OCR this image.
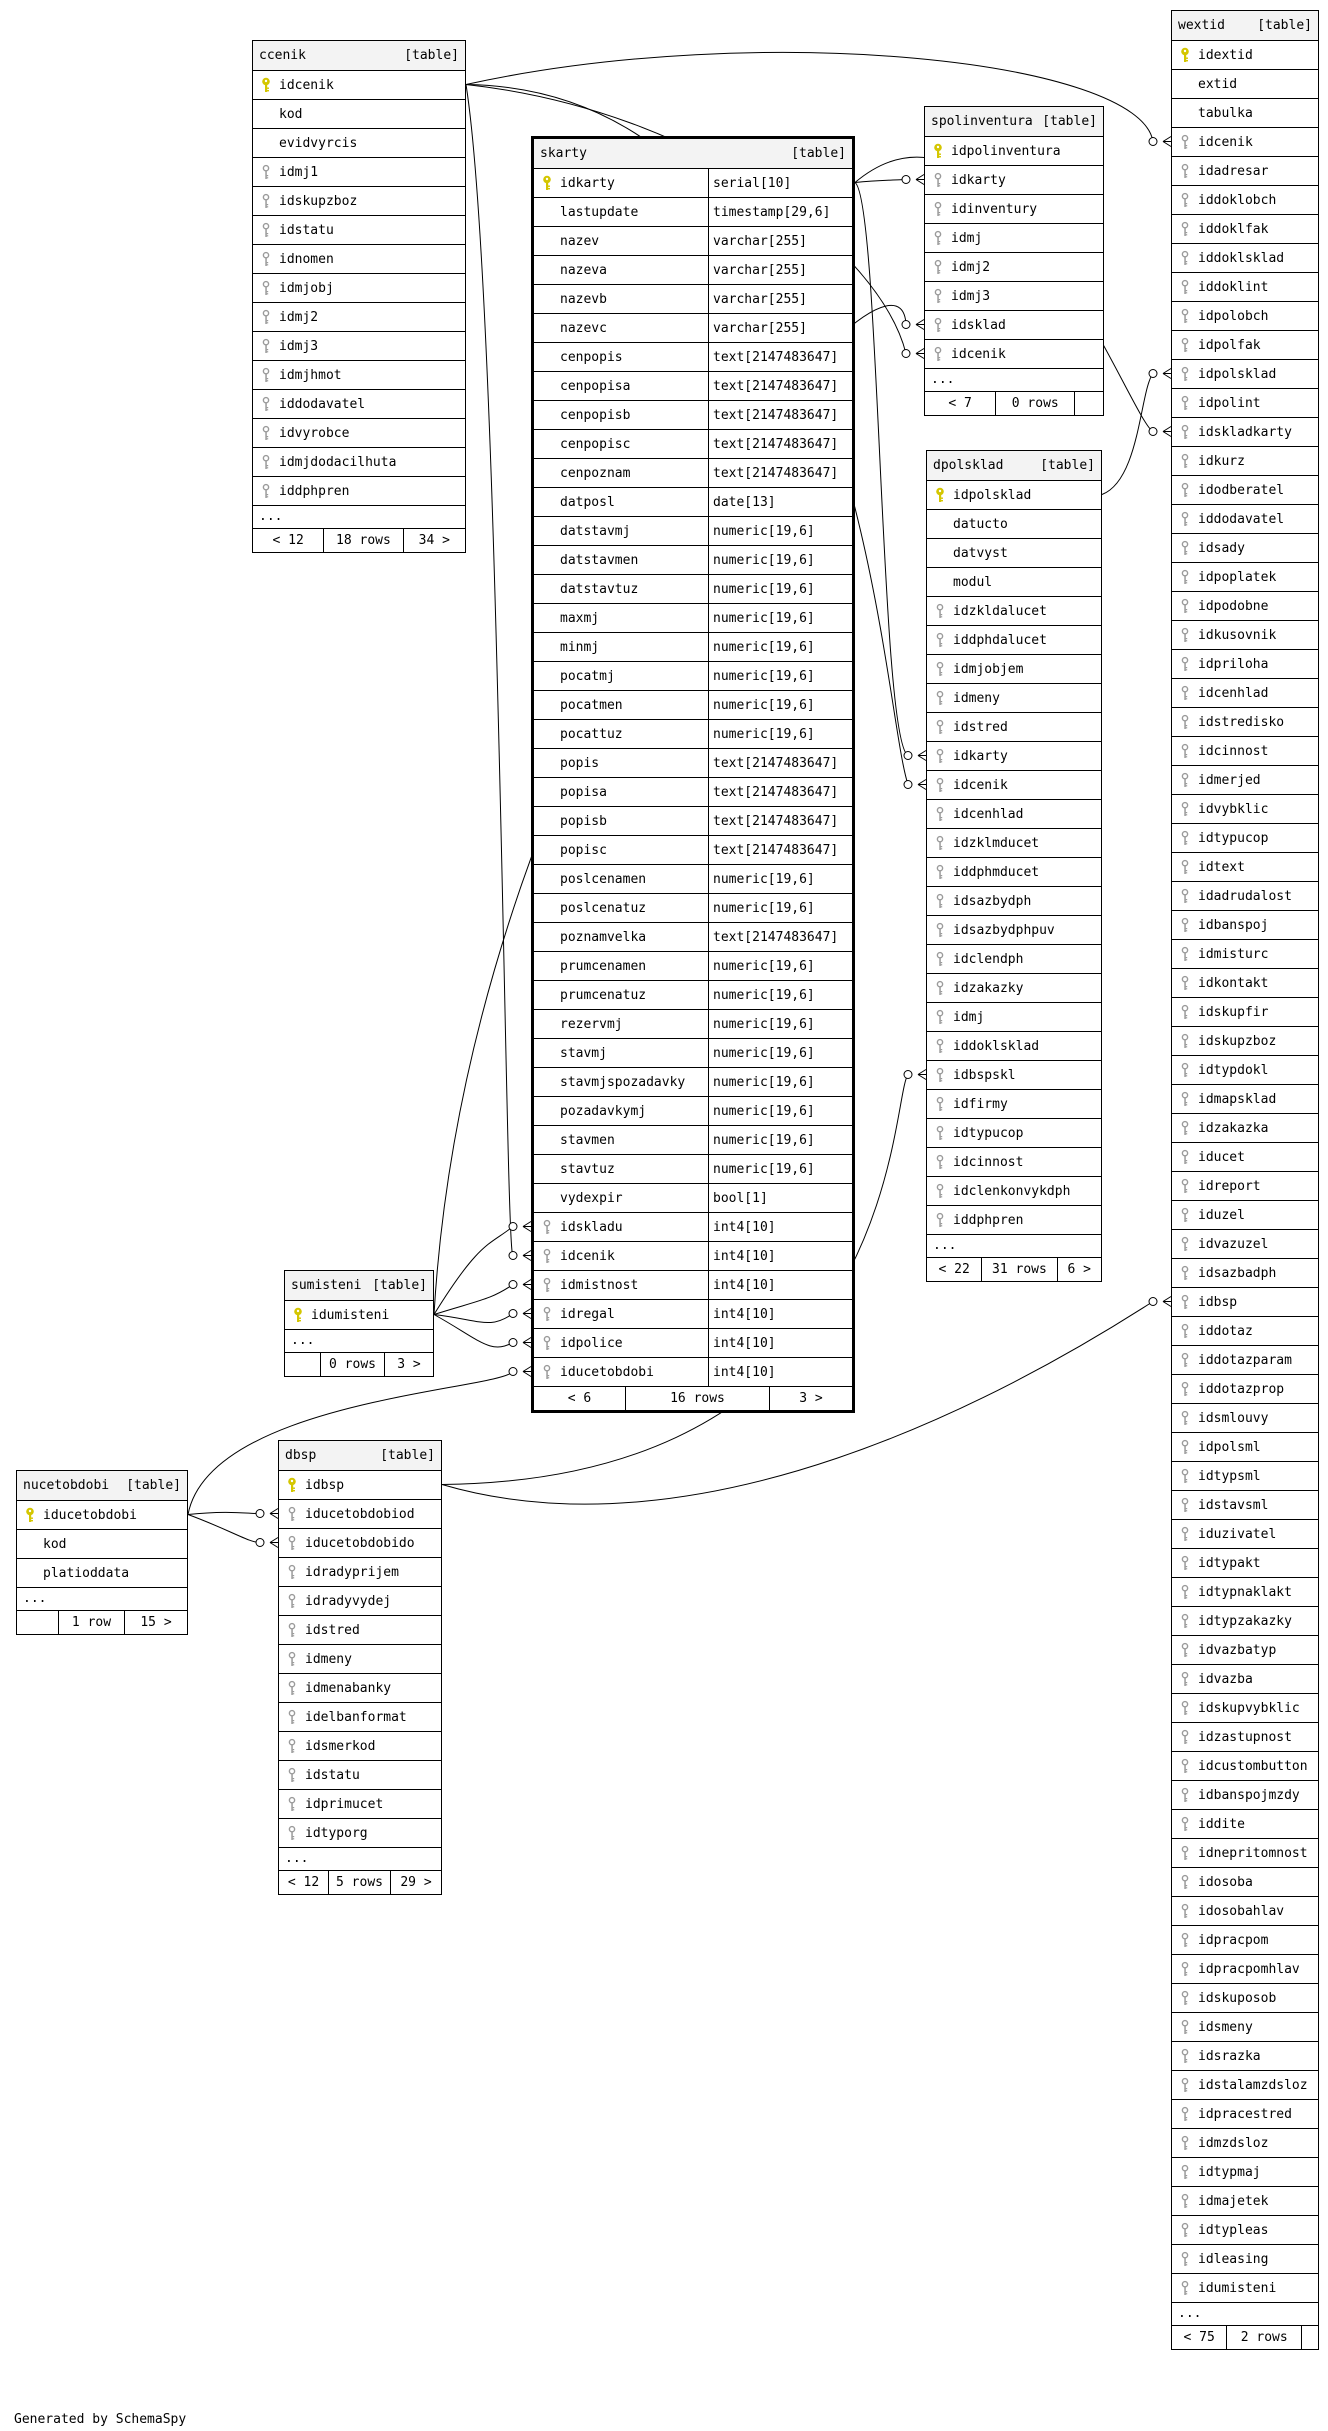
ccenik	[table]
idcenik
kod
evidvyrcis
idmj1
idskupzboz
idstatu
idnomen
idmjobj
idmj2
idmj3
idmjhmot
iddodavatel
idvyrobce
idmjdodacilhuta
iddphpren
...
< 12	18 rows	34 >
skarty	[table]
idkarty	serial[10]
lastupdate	timestamp[29,6]
nazev	varchar[255]
nazeva	varchar[255]
nazevb	varchar[255]
nazevc	varchar[255]
cenpopis	text[2147483647]
cenpopisa	text[2147483647]
cenpopisb	text[2147483647]
cenpopisc	text[2147483647]
cenpoznam	text[2147483647]
datposl	date[13]
datstavmj	numeric[19,6]
datstavmen	numeric[19,6]
datstavtuz	numeric[19,6]
maxmj	numeric[19,6]
minmj	numeric[19,6]
pocatmj	numeric[19,6]
pocatmen	numeric[19,6]
pocattuz	numeric[19,6]
popis	text[2147483647]
popisa	text[2147483647]
popisb	text[2147483647]
popisc	text[2147483647]
poslcenamen	numeric[19,6]
poslcenatuz	numeric[19,6]
poznamvelka	text[2147483647]
prumcenamen	numeric[19,6]
prumcenatuz	numeric[19,6]
rezervmj	numeric[19,6]
stavmj	numeric[19,6]
stavmjspozadavky	numeric[19,6]
pozadavkymj	numeric[19,6]
stavmen	numeric[19,6]
stavtuz	numeric[19,6]
vydexpir	bool[1]
idskladu	int4[10]
idcenik	int4[10]
idmistnost	int4[10]
idregal	int4[10]
idpolice	int4[10]
iducetobdobi	int4[10]
< 6	16 rows	3 >
spolinventura [table]
idpolinventura
idkarty
idinventury
idmj
idmj2
idmj3
idsklad
idcenik
...
< 7	0 rows
dpolsklad	[table]
idpolsklad
datucto
datvyst
modul
idzkldalucet
iddphdalucet
idmjobjem
idmeny
idstred
idkarty
idcenik
idcenhlad
idzklmducet
iddphmducet
idsazbydph
idsazbydphpuv
idclendph
idzakazky
idmj
iddoklsklad
idbspskl
idfirmy
idtypucop
idcinnost
idclenkonvykdph
iddphpren
...
< 22	31 rows	6 >
wextid [table]
idextid
extid
tabulka
idcenik
idadresar
iddoklobch
iddoklfak
iddoklsklad
iddoklint
idpolobch
idpolfak
idpolsklad
idpolint
idskladkarty
idkurz
idodberatel
iddodavatel
idsady
idpoplatek
idpodobne
idkusovnik
idpriloha
idcenhlad
idstredisko
idcinnost
idmerjed
idvybklic
idtypucop
idtext
idadrudalost
idbanspoj
idmisturc
idkontakt
idskupfir
idskupzboz
idtypdokl
idmapsklad
idzakazka
iducet
idreport
iduzel
idvazuzel
idsazbadph
idbsp
iddotaz
iddotazparam
iddotazprop
idsmlouvy
idpolsml
idtypsml
idstavsml
iduzivatel
idtypakt
idtypnaklakt
idtypzakazky
idvazbatyp
idvazba
idskupvybklic
idzastupnost
idcustombutton
idbanspojmzdy
iddite
idnepritomnost
idosoba
idosobahlav
idpracpom
idpracpomhlav
idskuposob
idsmeny
idsrazka
idstalamzdsloz
idpracestred
idmzdsloz
idtypmaj
idmajetek
idtypleas
idleasing
idumisteni
...
< 75	2 rows
sumisteni [table]
idumisteni
...
0 rows	3 >
nucetobdobi [table]
iducetobdobi
kod
platioddata
...
1 row	15 >
dbsp	[table]
idbsp
iducetobdobiod
iducetobdobido
idradyprijem
idradyvydej
idstred
idmeny
idmenabanky
idelbanformat
idsmerkod
idstatu
idprimucet
idtyporg
...
< 12	5 rows	29 >
Generated by SchemaSpy
